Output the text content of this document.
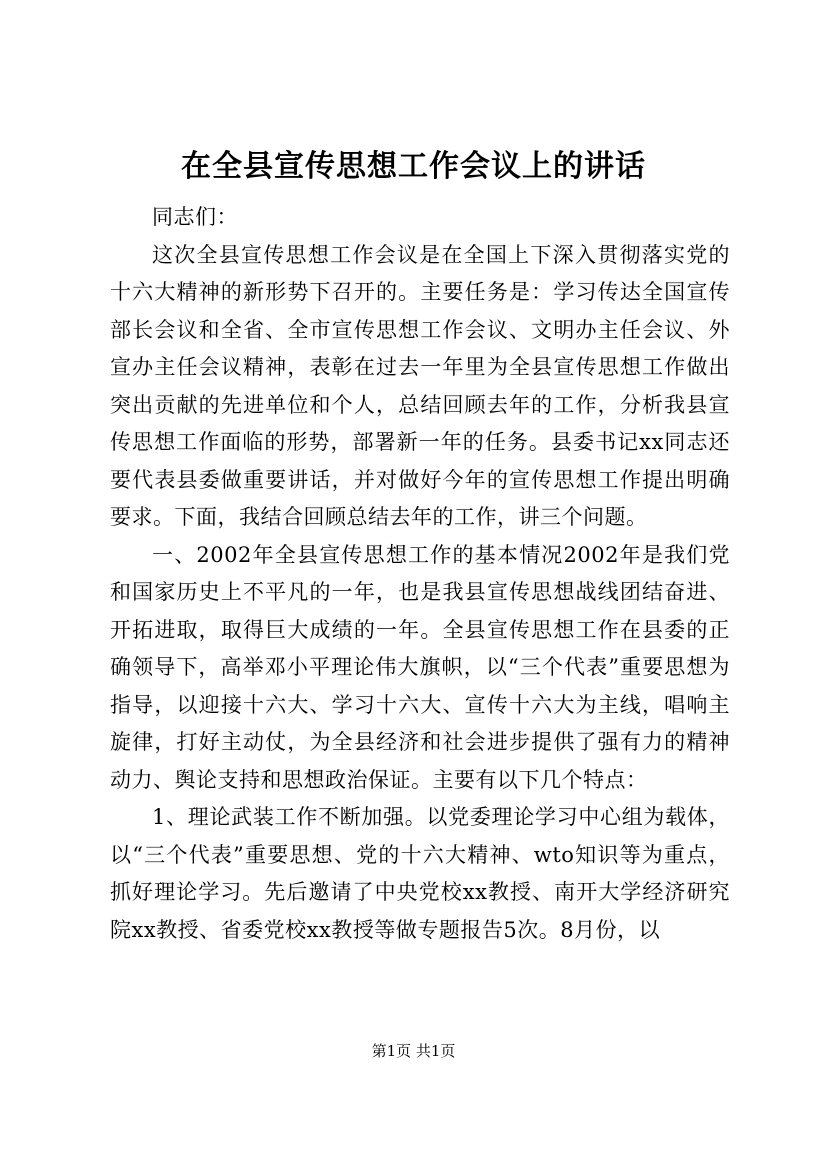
在全县宣传思想工作会议上的讲话

同志们：

这次全县宣传思想工作会议是在全国上下深入贯彻落实党的十六大精神的新形势下召开的。主要任务是：学习传达全国宣传部长会议和全省、全市宣传思想工作会议、文明办主任会议、外宣办主任会议精神，表彰在过去一年里为全县宣传思想工作做出突出贡献的先进单位和个人，总结回顾去年的工作，分析我县宣传思想工作面临的形势，部署新一年的任务。县委书记xx同志还要代表县委做重要讲话，并对做好今年的宣传思想工作提出明确要求。下面，我结合回顾总结去年的工作，讲三个问题。

一、2002年全县宣传思想工作的基本情况2002年是我们党和国家历史上不平凡的一年，也是我县宣传思想战线团结奋进、开拓进取，取得巨大成绩的一年。全县宣传思想工作在县委的正确领导下，高举邓小平理论伟大旗帜，以“三个代表”重要思想为指导，以迎接十六大、学习十六大、宣传十六大为主线，唱响主旋律，打好主动仗，为全县经济和社会进步提供了强有力的精神动力、舆论支持和思想政治保证。主要有以下几个特点：

1、理论武装工作不断加强。以党委理论学习中心组为载体，以“三个代表”重要思想、党的十六大精神、wto知识等为重点，抓好理论学习。先后邀请了中央党校xx教授、南开大学经济研究院xx教授、省委党校xx教授等做专题报告5次。8月份，以

第1页 共1页
